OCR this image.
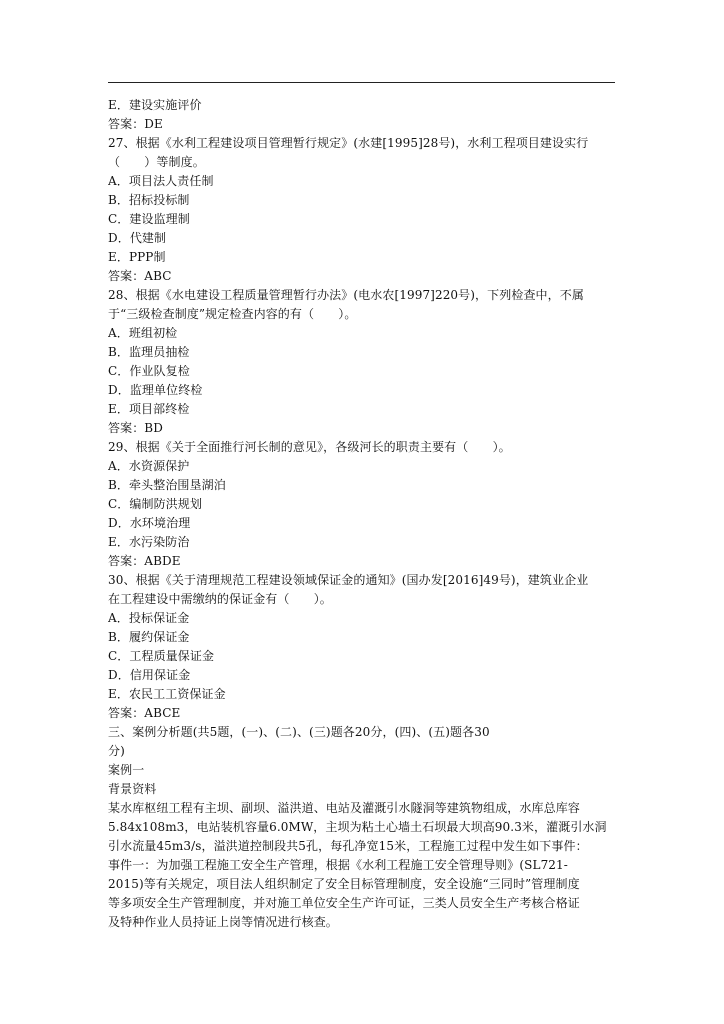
E．建设实施评价
答案：DE
27、根据《水利工程建设项目管理暂行规定》(水建[1995]28号)，水利工程项目建设实行
（　　）等制度。
A．项目法人责任制
B．招标投标制
C．建设监理制
D．代建制
E．PPP制
答案：ABC
28、根据《水电建设工程质量管理暂行办法》(电水农[1997]220号)，下列检查中，不属
于“三级检查制度”规定检查内容的有（　　）。
A．班组初检
B．监理员抽检
C．作业队复检
D．监理单位终检
E．项目部终检
答案：BD
29、根据《关于全面推行河长制的意见》，各级河长的职责主要有（　　）。
A．水资源保护
B．牵头整治围垦湖泊
C．编制防洪规划
D．水环境治理
E．水污染防治
答案：ABDE
30、根据《关于清理规范工程建设领域保证金的通知》(国办发[2016]49号)，建筑业企业
在工程建设中需缴纳的保证金有（　　）。
A．投标保证金
B．履约保证金
C．工程质量保证金
D．信用保证金
E．农民工工资保证金
答案：ABCE
三、案例分析题(共5题，(一)、(二)、(三)题各20分，(四)、(五)题各30
分)
案例一
背景资料
某水库枢纽工程有主坝、副坝、溢洪道、电站及灌溉引水隧洞等建筑物组成，水库总库容
5.84x108m3，电站装机容量6.0MW，主坝为粘土心墙土石坝最大坝高90.3米，灌溉引水洞
引水流量45m3/s，溢洪道控制段共5孔，每孔净宽15米，工程施工过程中发生如下事件：
事件一：为加强工程施工安全生产管理，根据《水利工程施工安全管理导则》(SL721-
2015)等有关规定，项目法人组织制定了安全目标管理制度，安全设施“三同时”管理制度
等多项安全生产管理制度，并对施工单位安全生产许可证，三类人员安全生产考核合格证
及特种作业人员持证上岗等情况进行核查。
